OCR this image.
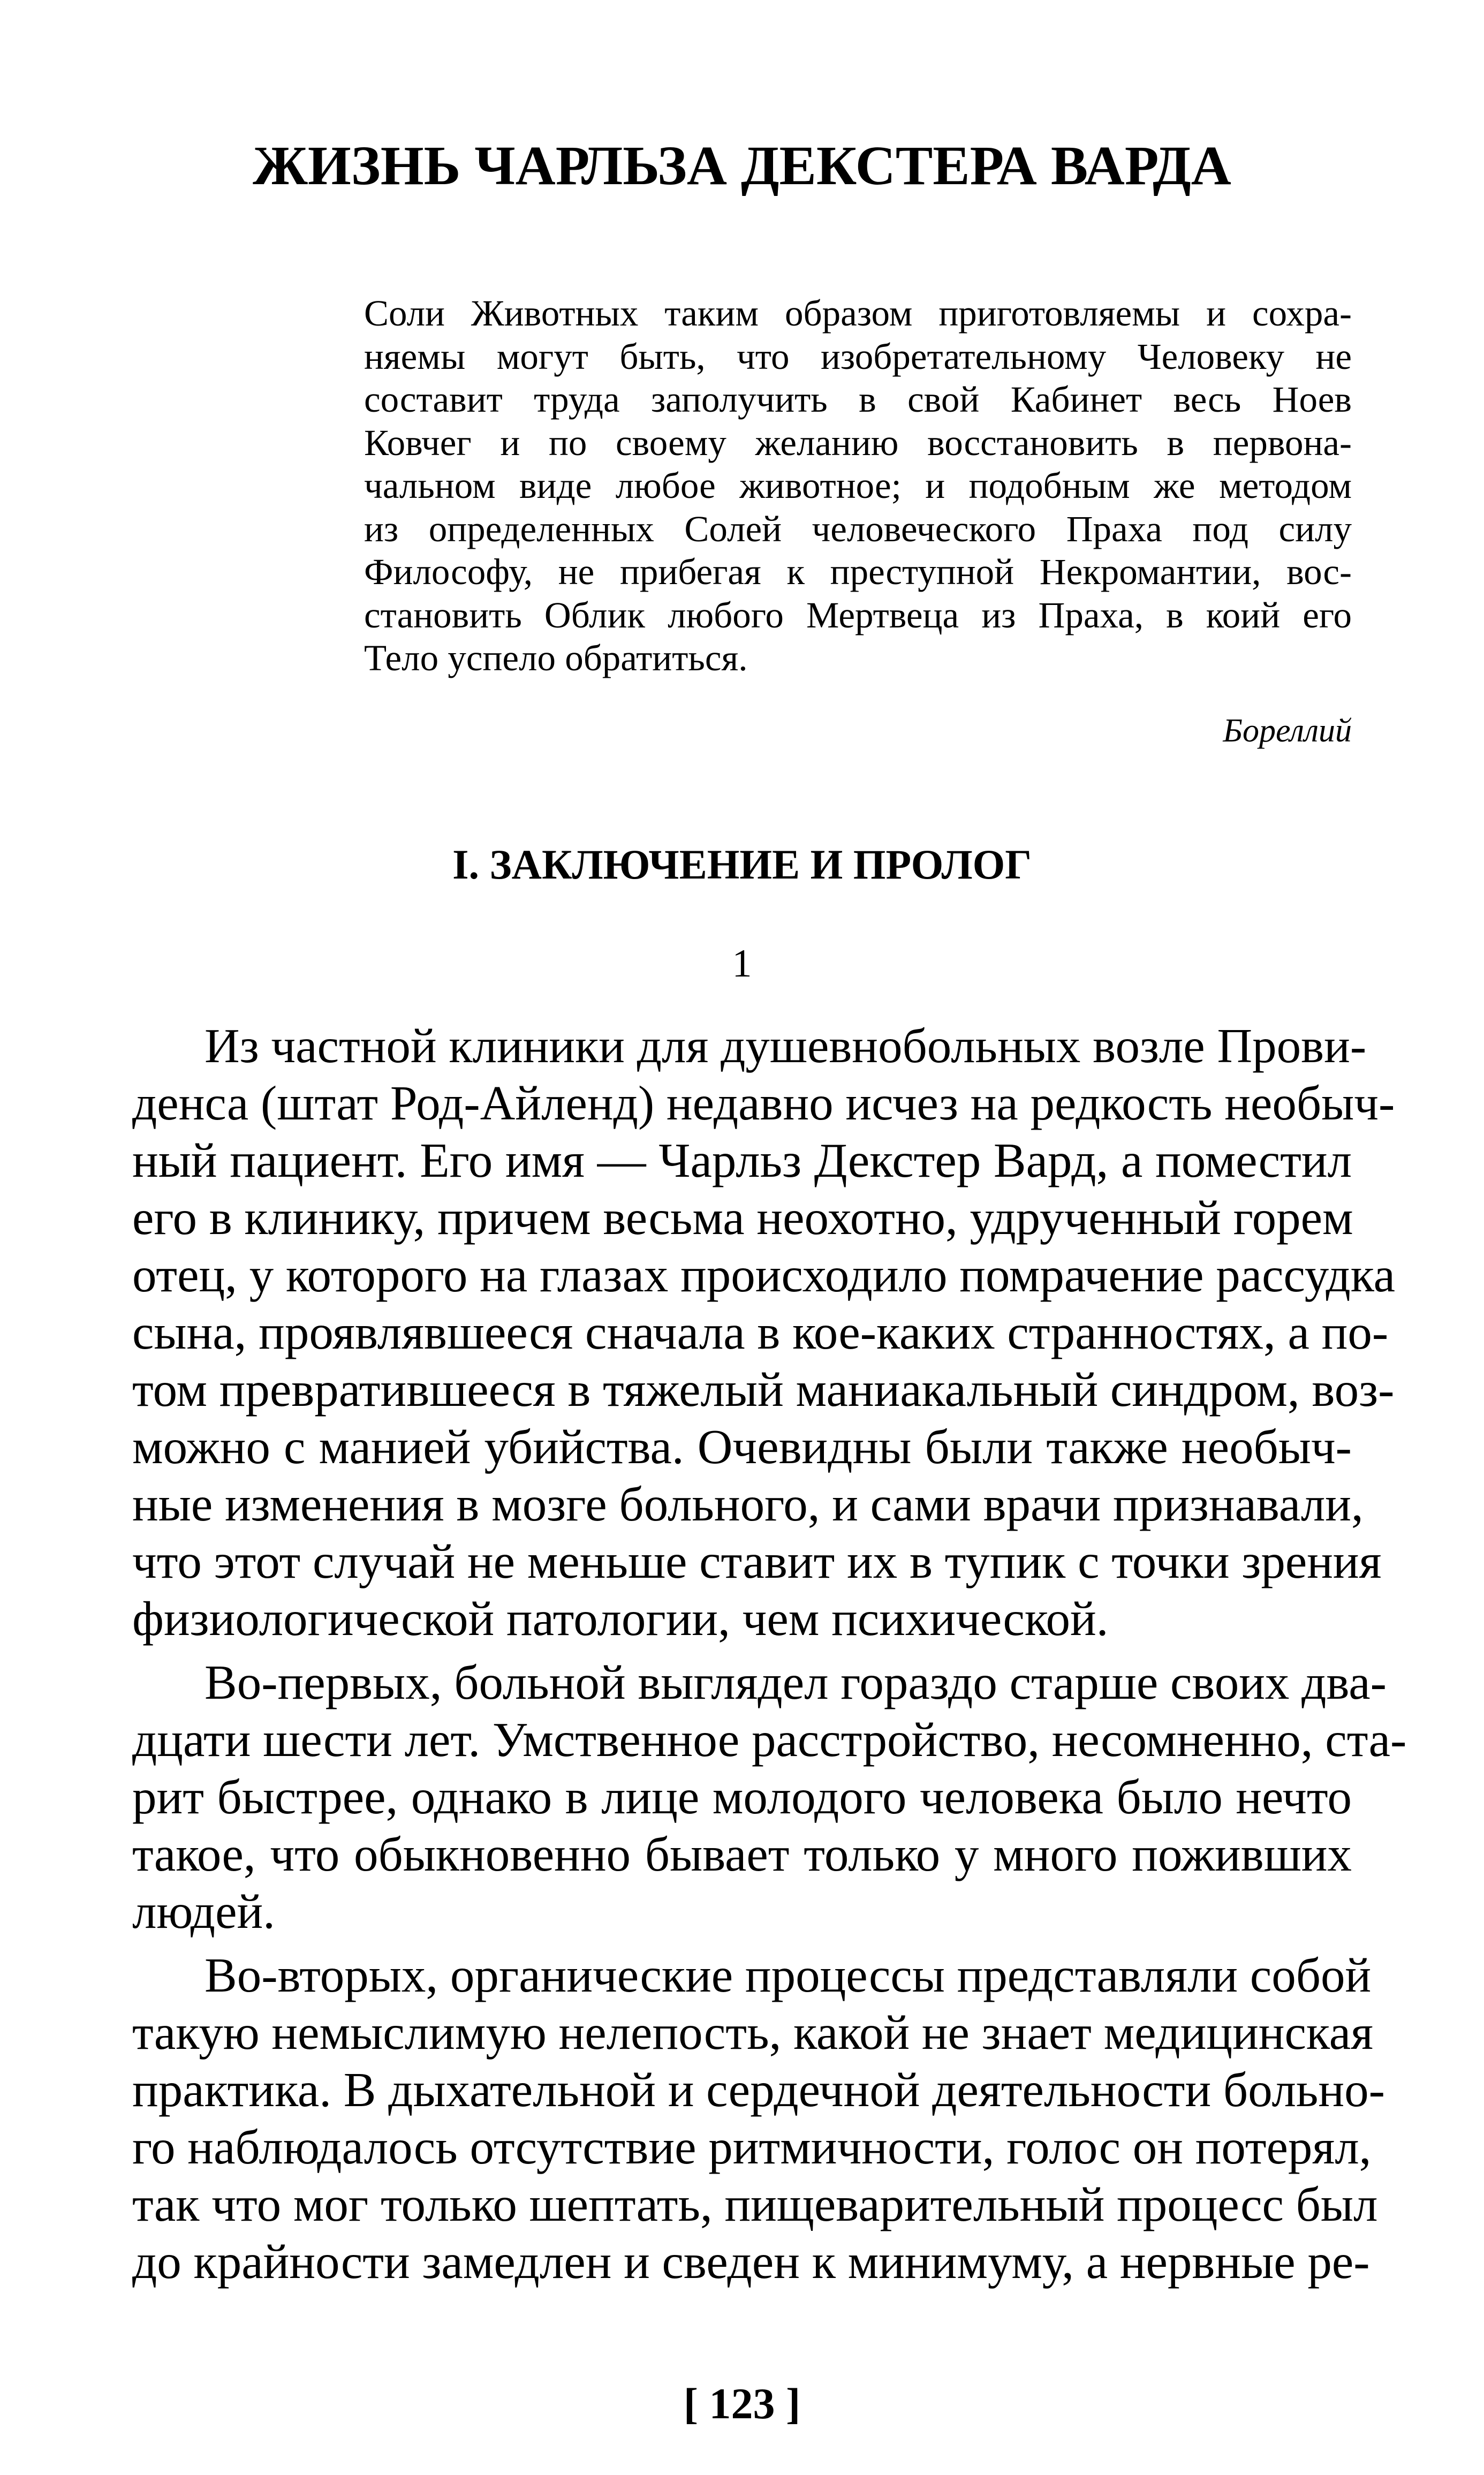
ЖИЗНЬ ЧАРЛЬЗА ДЕКСТЕРА ВАРДА
Соли Животных таким образом приготовляемы и сохра-
няемы могут быть, что изобретательному Человеку не
составит труда заполучить в свой Кабинет весь Ноев
Ковчег и по своему желанию восстановить в первона-
чальном виде любое животное; и подобным же методом
из определенных Солей человеческого Праха под силу
Философу, не прибегая к преступной Некромантии, вос-
становить Облик любого Мертвеца из Праха, в коий его
Тело успело обратиться.
Бореллий
I. ЗАКЛЮЧЕНИЕ И ПРОЛОГ
1
Из частной клиники для душевнобольных возле Прови-
денса (штат Род-Айленд) недавно исчез на редкость необыч-
ный пациент. Его имя — Чарльз Декстер Вард, а поместил
его в клинику, причем весьма неохотно, удрученный горем
отец, у которого на глазах происходило помрачение рассудка
сына, проявлявшееся сначала в кое-каких странностях, а по-
том превратившееся в тяжелый маниакальный синдром, воз-
можно с манией убийства. Очевидны были также необыч-
ные изменения в мозге больного, и сами врачи признавали,
что этот случай не меньше ставит их в тупик с точки зрения
физиологической патологии, чем психической.
Во-первых, больной выглядел гораздо старше своих два-
дцати шести лет. Умственное расстройство, несомненно, ста-
рит быстрее, однако в лице молодого человека было нечто
такое, что обыкновенно бывает только у много поживших
людей.
Во-вторых, органические процессы представляли собой
такую немыслимую нелепость, какой не знает медицинская
практика. В дыхательной и сердечной деятельности больно-
го наблюдалось отсутствие ритмичности, голос он потерял,
так что мог только шептать, пищеварительный процесс был
до крайности замедлен и сведен к минимуму, а нервные ре-
[ 123 ]
